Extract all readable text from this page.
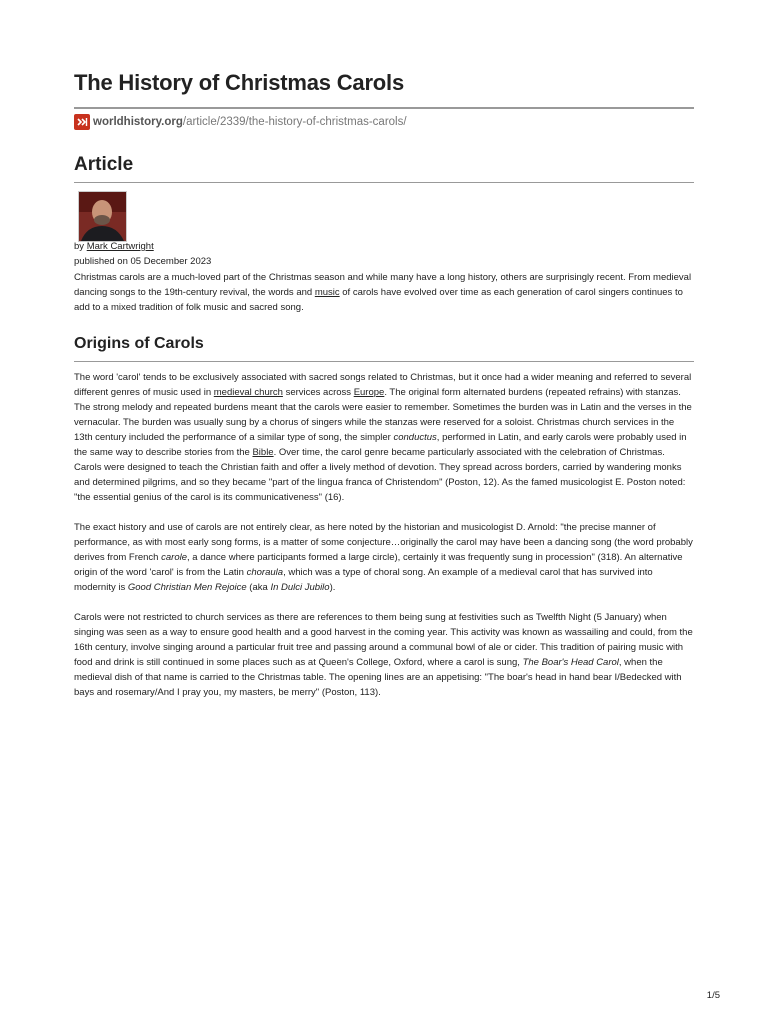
The History of Christmas Carols
worldhistory.org /article/2339/the-history-of-christmas-carols/
Article
by Mark Cartwright
published on 05 December 2023
Christmas carols are a much-loved part of the Christmas season and while many have a long history, others are surprisingly recent. From medieval dancing songs to the 19th-century revival, the words and music of carols have evolved over time as each generation of carol singers continues to add to a mixed tradition of folk music and sacred song.
Origins of Carols

The word 'carol' tends to be exclusively associated with sacred songs related to Christmas, but it once had a wider meaning and referred to several different genres of music used in medieval church services across Europe. The original form alternated burdens (repeated refrains) with stanzas. The strong melody and repeated burdens meant that the carols were easier to remember. Sometimes the burden was in Latin and the verses in the vernacular. The burden was usually sung by a chorus of singers while the stanzas were reserved for a soloist. Christmas church services in the 13th century included the performance of a similar type of song, the simpler conductus, performed in Latin, and early carols were probably used in the same way to describe stories from the Bible. Over time, the carol genre became particularly associated with the celebration of Christmas. Carols were designed to teach the Christian faith and offer a lively method of devotion. They spread across borders, carried by wandering monks and determined pilgrims, and so they became "part of the lingua franca of Christendom" (Poston, 12). As the famed musicologist E. Poston noted: "the essential genius of the carol is its communicativeness" (16).

The exact history and use of carols are not entirely clear, as here noted by the historian and musicologist D. Arnold: "the precise manner of performance, as with most early song forms, is a matter of some conjecture…originally the carol may have been a dancing song (the word probably derives from French carole, a dance where participants formed a large circle), certainly it was frequently sung in procession" (318). An alternative origin of the word 'carol' is from the Latin choraula, which was a type of choral song. An example of a medieval carol that has survived into modernity is Good Christian Men Rejoice (aka In Dulci Jubilo).

Carols were not restricted to church services as there are references to them being sung at festivities such as Twelfth Night (5 January) when singing was seen as a way to ensure good health and a good harvest in the coming year. This activity was known as wassailing and could, from the 16th century, involve singing around a particular fruit tree and passing around a communal bowl of ale or cider. This tradition of pairing music with food and drink is still continued in some places such as at Queen's College, Oxford, where a carol is sung, The Boar's Head Carol, when the medieval dish of that name is carried to the Christmas table. The opening lines are an appetising: "The boar's head in hand bear I/Bedecked with bays and rosemary/And I pray you, my masters, be merry" (Poston, 113).

1/5
